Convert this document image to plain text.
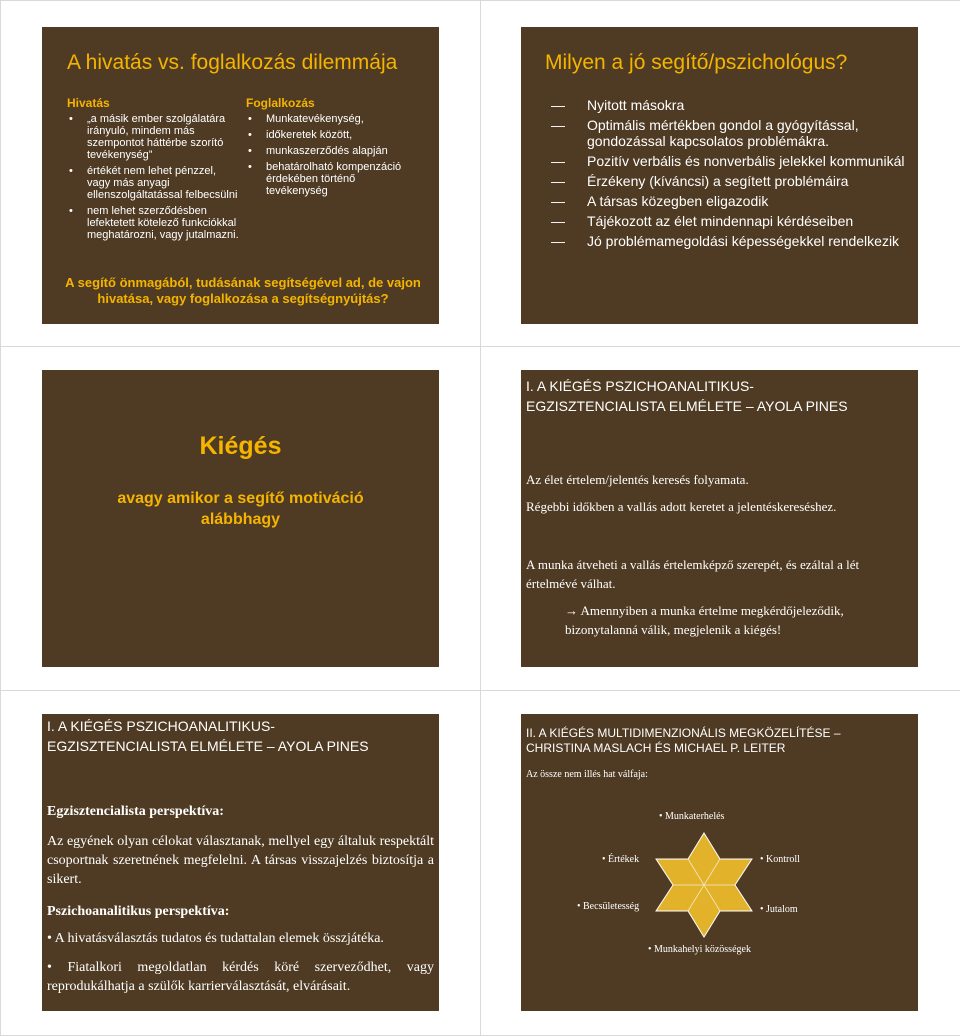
A hivatás vs. foglalkozás dilemmája
Hivatás
• „a másik ember szolgálatára irányuló, mindem más szempontot háttérbe szorító tevékenység”
• értékét nem lehet pénzzel, vagy más anyagi ellenszolgáltatással felbecsülni
• nem lehet szerződésben lefektetett kötelező funkciókkal meghatározni, vagy jutalmazni.
Foglalkozás
• Munkatevékenység,
• időkeretek között,
• munkaszerződés alapján
• behatárolható kompenzáció érdekében történő tevékenység
A segítő önmagából, tudásának segítségével ad, de vajon hivatása, vagy foglalkozása a segítségnyújtás?
Milyen a jó segítő/pszichológus?
— Nyitott másokra
— Optimális mértékben gondol a gyógyítással, gondozással kapcsolatos problémákra.
— Pozitív verbális és nonverbális jelekkel kommunikál
— Érzékeny (kíváncsi) a segített problémáira
— A társas közegben eligazodik
— Tájékozott az élet mindennapi kérdéseiben
— Jó problémamegoldási képességekkel rendelkezik
Kiégés
avagy amikor a segítő motiváció alábbhagy
I. A KIÉGÉS PSZICHOANALITIKUS-EGZISZTENCIALISTA ELMÉLETE – AYOLA PINES
Az élet értelem/jelentés keresés folyamata.
Régebbi időkben a vallás adott keretet a jelentéskereséshez.
A munka átveheti a vallás értelemképző szerepét, és ezáltal a lét értelmévé válhat.
→ Amennyiben a munka értelme megkérdőjeleződik, bizonytalanná válik, megjelenik a kiégés!
I. A KIÉGÉS PSZICHOANALITIKUS-EGZISZTENCIALISTA ELMÉLETE – AYOLA PINES
Egzisztencialista perspektíva:
Az egyének olyan célokat választanak, mellyel egy általuk respektált csoportnak szeretnének megfelelni. A társas visszajelzés biztosítja a sikert.
Pszichoanalitikus perspektíva:
• A hivatásválasztás tudatos és tudattalan elemek összjátéka.
• Fiatalkori megoldatlan kérdés köré szerveződhet, vagy reprodukálhatja a szülők karrierválasztását, elvárásait.
II. A KIÉGÉS MULTIDIMENZIONÁLIS MEGKÖZELÍTÉSE – CHRISTINA MASLACH ÉS MICHAEL P. LEITER
Az össze nem illés hat válfaja:
• Munkaterhelés
• Értékek	• Kontroll
• Becsületesség	• Jutalom
• Munkahelyi közösségek
